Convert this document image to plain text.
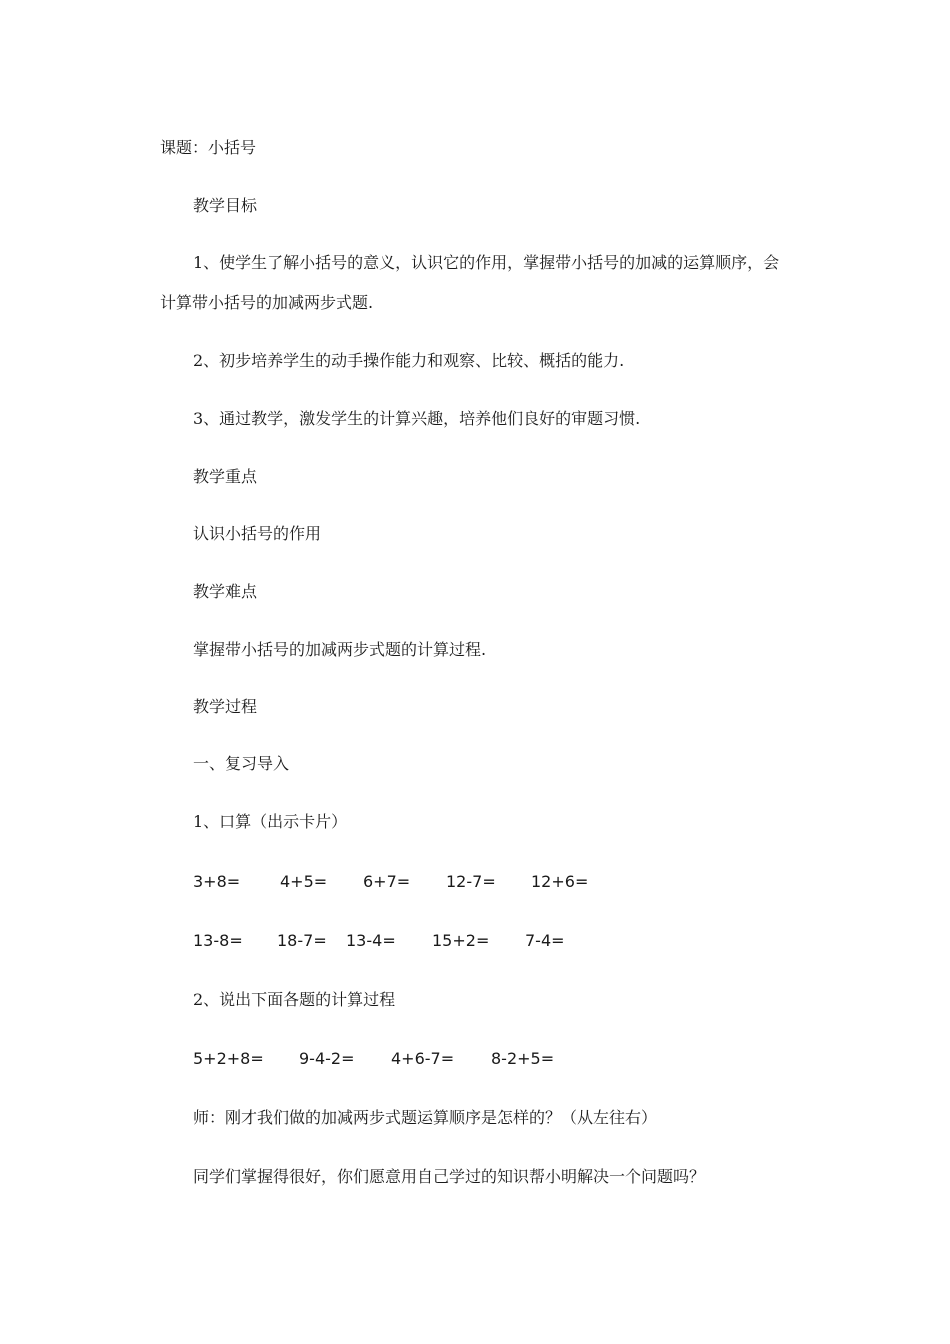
课题：小括号

教学目标

1、使学生了解小括号的意义，认识它的作用，掌握带小括号的加减的运算顺序，会

计算带小括号的加减两步式题.

2、初步培养学生的动手操作能力和观察、比较、概括的能力.

3、通过教学，激发学生的计算兴趣，培养他们良好的审题习惯.

教学重点

认识小括号的作用

教学难点

掌握带小括号的加减两步式题的计算过程.

教学过程

一、复习导入

1、口算（出示卡片）

3+8= 4+5= 6+7= 12-7= 12+6=
13-8= 18-7= 13-4= 15+2= 7-4=

2、说出下面各题的计算过程

5+2+8= 9-4-2= 4+6-7= 8-2+5=

师：刚才我们做的加减两步式题运算顺序是怎样的？（从左往右）

同学们掌握得很好，你们愿意用自己学过的知识帮小明解决一个问题吗？
